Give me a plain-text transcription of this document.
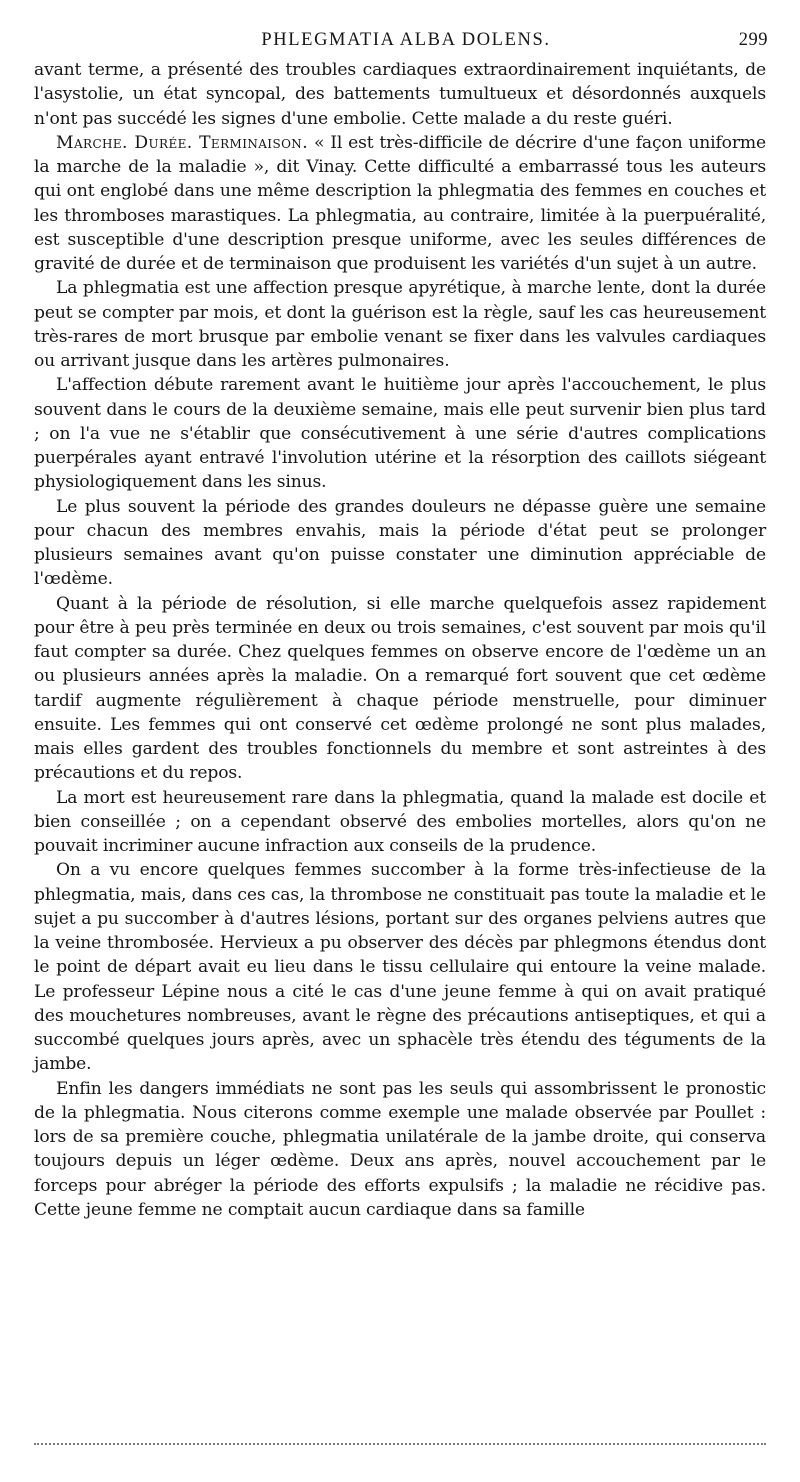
PHLEGMATIA ALBA DOLENS.	299

avant terme, a présenté des troubles cardiaques extraordinairement inquiétants, de l'asystolie, un état syncopal, des battements tumultueux et désordonnés auxquels n'ont pas succédé les signes d'une embolie. Cette malade a du reste guéri.

Marche. Durée. Terminaison. « Il est très-difficile de décrire d'une façon uniforme la marche de la maladie », dit Vinay. Cette difficulté a embarrassé tous les auteurs qui ont englobé dans une même description la phlegmatia des femmes en couches et les thromboses marastiques. La phlegmatia, au contraire, limitée à la puerpuéralité, est susceptible d'une description presque uniforme, avec les seules différences de gravité de durée et de terminaison que produisent les variétés d'un sujet à un autre.

La phlegmatia est une affection presque apyrétique, à marche lente, dont la durée peut se compter par mois, et dont la guérison est la règle, sauf les cas heureusement très-rares de mort brusque par embolie venant se fixer dans les valvules cardiaques ou arrivant jusque dans les artères pulmonaires.

L'affection débute rarement avant le huitième jour après l'accouchement, le plus souvent dans le cours de la deuxième semaine, mais elle peut survenir bien plus tard ; on l'a vue ne s'établir que consécutivement à une série d'autres complications puerpérales ayant entravé l'involution utérine et la résorption des caillots siégeant physiologiquement dans les sinus.

Le plus souvent la période des grandes douleurs ne dépasse guère une semaine pour chacun des membres envahis, mais la période d'état peut se prolonger plusieurs semaines avant qu'on puisse constater une diminution appréciable de l'œdème.

Quant à la période de résolution, si elle marche quelquefois assez rapidement pour être à peu près terminée en deux ou trois semaines, c'est souvent par mois qu'il faut compter sa durée. Chez quelques femmes on observe encore de l'œdème un an ou plusieurs années après la maladie. On a remarqué fort souvent que cet œdème tardif augmente régulièrement à chaque période menstruelle, pour diminuer ensuite. Les femmes qui ont conservé cet œdème prolongé ne sont plus malades, mais elles gardent des troubles fonctionnels du membre et sont astreintes à des précautions et du repos.

La mort est heureusement rare dans la phlegmatia, quand la malade est docile et bien conseillée ; on a cependant observé des embolies mortelles, alors qu'on ne pouvait incriminer aucune infraction aux conseils de la prudence.

On a vu encore quelques femmes succomber à la forme très-infectieuse de la phlegmatia, mais, dans ces cas, la thrombose ne constituait pas toute la maladie et le sujet a pu succomber à d'autres lésions, portant sur des organes pelviens autres que la veine thrombosée. Hervieux a pu observer des décès par phlegmons étendus dont le point de départ avait eu lieu dans le tissu cellulaire qui entoure la veine malade. Le professeur Lépine nous a cité le cas d'une jeune femme à qui on avait pratiqué des mouchetures nombreuses, avant le règne des précautions antiseptiques, et qui a succombé quelques jours après, avec un sphacèle très étendu des téguments de la jambe.

Enfin les dangers immédiats ne sont pas les seuls qui assombrissent le pronostic de la phlegmatia. Nous citerons comme exemple une malade observée par Poullet : lors de sa première couche, phlegmatia unilatérale de la jambe droite, qui conserva toujours depuis un léger œdème. Deux ans après, nouvel accouchement par le forceps pour abréger la période des efforts expulsifs ; la maladie ne récidive pas. Cette jeune femme ne comptait aucun cardiaque dans sa famille
